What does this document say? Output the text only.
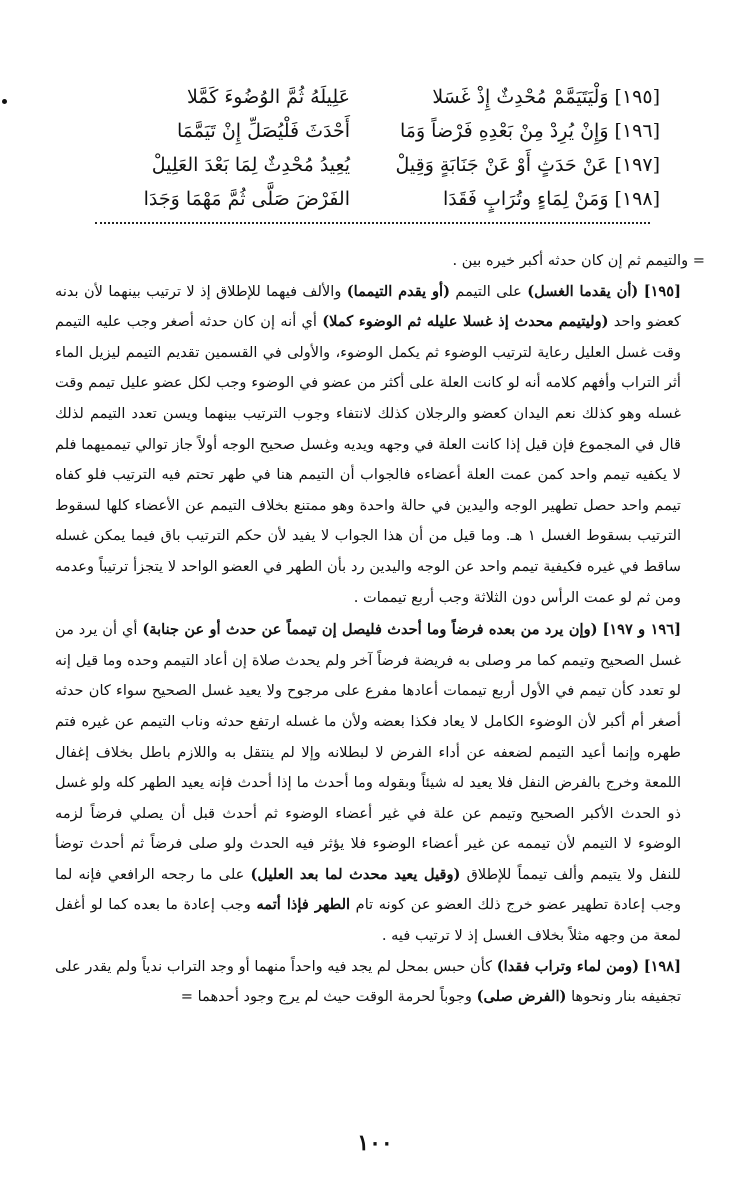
[١٩٥] وَلْيَتَيَمَّمْ مُحْدِثٌ إِذْ غَسَلا
عَلِيلَهُ ثُمَّ الوُضُوءَ كَمَّلا
[١٩٦] وَإِنْ يُرِدْ مِنْ بَعْدِهِ فَرْضاً وَمَا
أَحْدَثَ فَلْيُصَلِّ إِنْ تَيَمَّمَا
[١٩٧] عَنْ حَدَثٍ أَوْ عَنْ جَنَابَةٍ وَقِيلْ
يُعِيدُ مُحْدِثٌ لِمَا بَعْدَ العَلِيلْ
[١٩٨] وَمَنْ لِمَاءٍ وتُرَابٍ فَقَدَا
الفَرْضَ صَلَّى ثُمَّ مَهْمَا وَجَدَا

= والتيمم ثم إن كان حدثه أكبر خيره بين .

[١٩٥] (أن يقدما الغسل) على التيمم (أو يقدم التيمما) والألف فيهما للإطلاق إذ لا ترتيب بينهما لأن بدنه كعضو واحد (وليتيمم محدث إذ غسلا عليله ثم الوضوء كملا) أي أنه إن كان حدثه أصغر وجب عليه التيمم وقت غسل العليل رعاية لترتيب الوضوء ثم يكمل الوضوء، والأولى في القسمين تقديم التيمم ليزيل الماء أثر التراب وأفهم كلامه أنه لو كانت العلة على أكثر من عضو في الوضوء وجب لكل عضو عليل تيمم وقت غسله وهو كذلك نعم اليدان كعضو والرجلان كذلك لانتفاء وجوب الترتيب بينهما ويسن تعدد التيمم لذلك قال في المجموع فإن قيل إذا كانت العلة في وجهه ويديه وغسل صحيح الوجه أولاً جاز توالي تيمميهما فلم لا يكفيه تيمم واحد كمن عمت العلة أعضاءه فالجواب أن التيمم هنا في طهر تحتم فيه الترتيب فلو كفاه تيمم واحد حصل تطهير الوجه واليدين في حالة واحدة وهو ممتنع بخلاف التيمم عن الأعضاء كلها لسقوط الترتيب بسقوط الغسل ١ هـ. وما قيل من أن هذا الجواب لا يفيد لأن حكم الترتيب باق فيما يمكن غسله ساقط في غيره فكيفية تيمم واحد عن الوجه واليدين رد بأن الطهر في العضو الواحد لا يتجزأ ترتيباً وعدمه ومن ثم لو عمت الرأس دون الثلاثة وجب أربع تيممات .

[١٩٦ و ١٩٧] (وإن يرد من بعده فرضاً وما أحدث فليصل إن تيمماً عن حدث أو عن جنابة) أي أن يرد من غسل الصحيح وتيمم كما مر وصلى به فريضة فرضاً آخر ولم يحدث صلاة إن أعاد التيمم وحده وما قيل إنه لو تعدد كأن تيمم في الأول أربع تيممات أعادها مفرع على مرجوح ولا يعيد غسل الصحيح سواء كان حدثه أصغر أم أكبر لأن الوضوء الكامل لا يعاد فكذا بعضه ولأن ما غسله ارتفع حدثه وناب التيمم عن غيره فتم طهره وإنما أعيد التيمم لضعفه عن أداء الفرض لا لبطلانه وإلا لم ينتقل به واللازم باطل بخلاف إغفال اللمعة وخرج بالفرض النفل فلا يعيد له شيئاً وبقوله وما أحدث ما إذا أحدث فإنه يعيد الطهر كله ولو غسل ذو الحدث الأكبر الصحيح وتيمم عن علة في غير أعضاء الوضوء ثم أحدث قبل أن يصلي فرضاً لزمه الوضوء لا التيمم لأن تيممه عن غير أعضاء الوضوء فلا يؤثر فيه الحدث ولو صلى فرضاً ثم أحدث توضأ للنفل ولا يتيمم وألف تيمماً للإطلاق (وقيل يعيد محدث لما بعد العليل) على ما رجحه الرافعي فإنه لما وجب إعادة تطهير عضو خرج ذلك العضو عن كونه تام الطهر فإذا أتمه وجب إعادة ما بعده كما لو أغفل لمعة من وجهه مثلاً بخلاف الغسل إذ لا ترتيب فيه .

[١٩٨] (ومن لماء وتراب فقدا) كأن حبس بمحل لم يجد فيه واحداً منهما أو وجد التراب ندياً ولم يقدر على تجفيفه بنار ونحوها (الفرض صلى) وجوباً لحرمة الوقت حيث لم يرج وجود أحدهما =

١٠٠
